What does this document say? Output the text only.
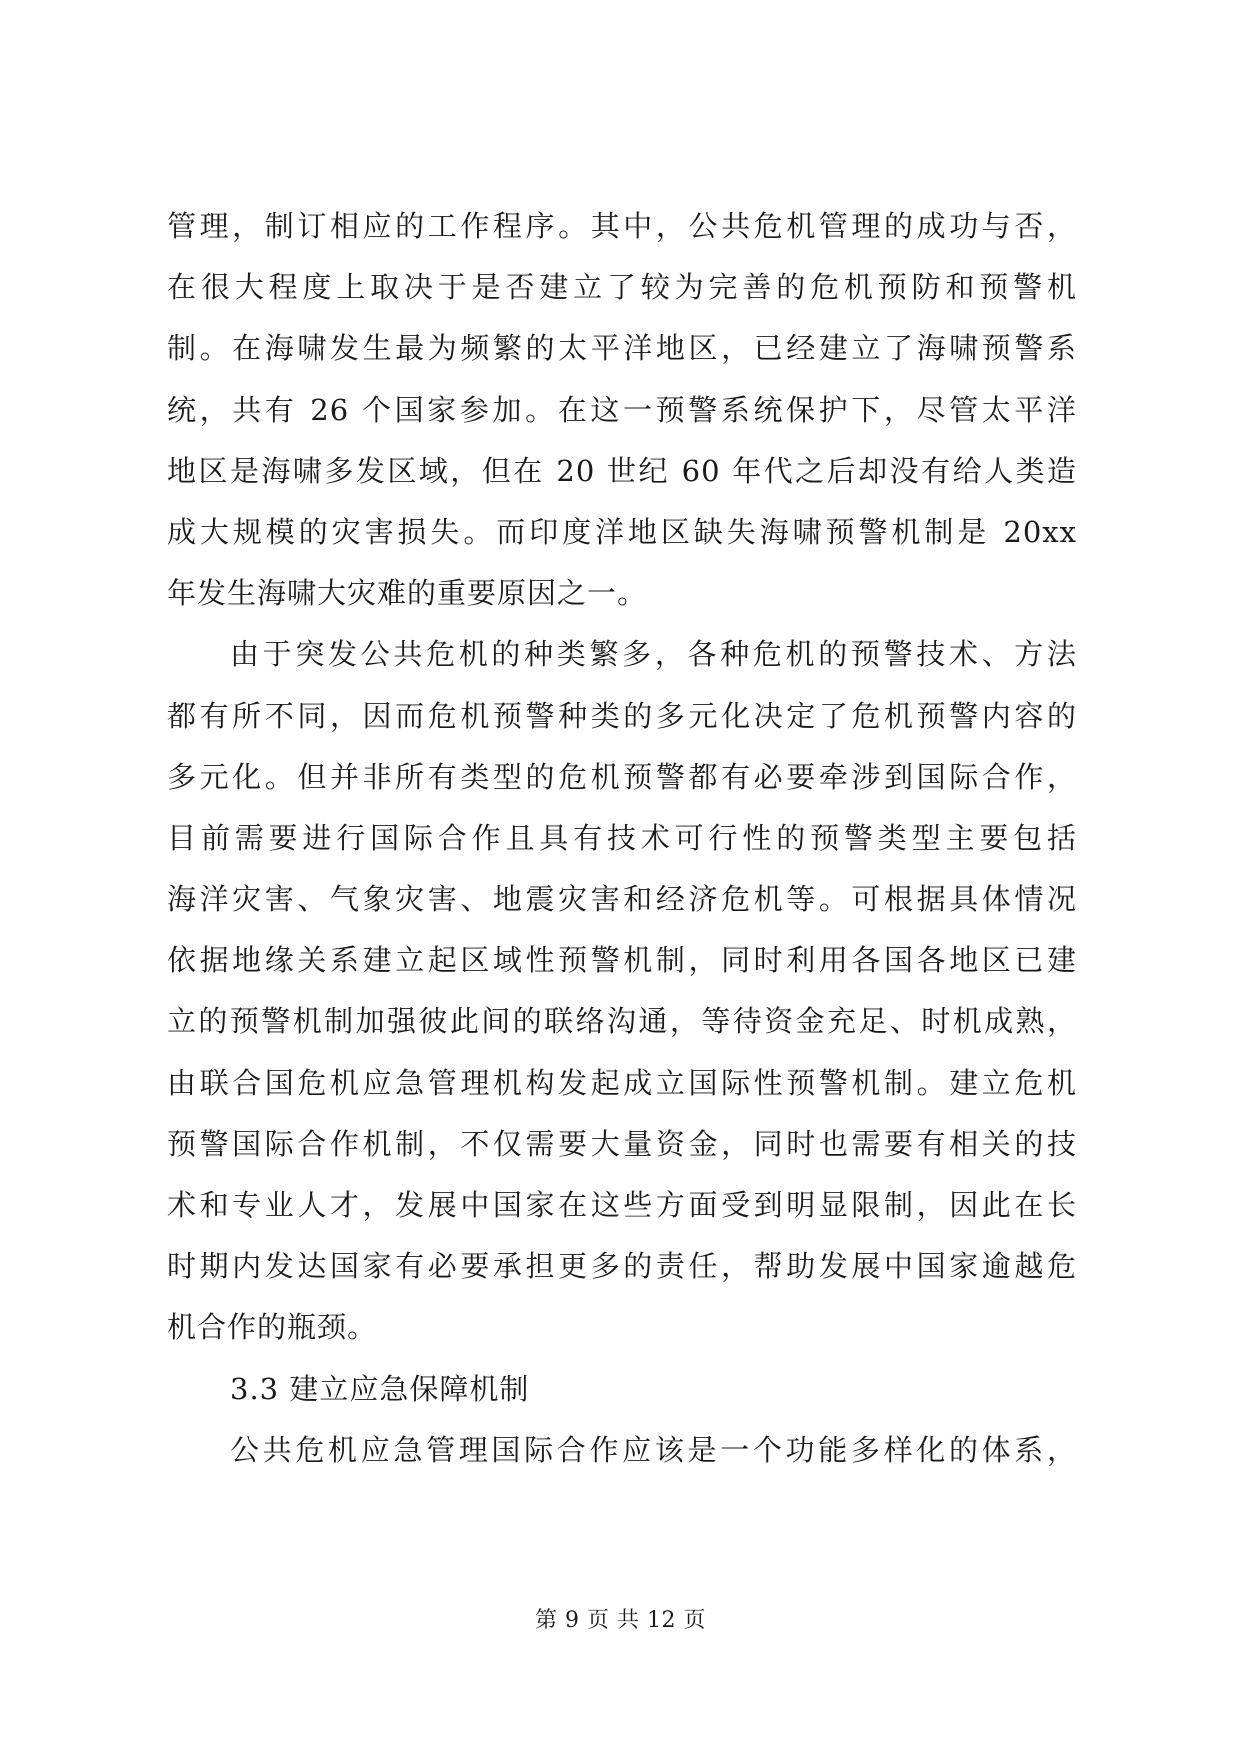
管理，制订相应的工作程序。其中，公共危机管理的成功与否，
在很大程度上取决于是否建立了较为完善的危机预防和预警机
制。在海啸发生最为频繁的太平洋地区，已经建立了海啸预警系
统，共有 26 个国家参加。在这一预警系统保护下，尽管太平洋
地区是海啸多发区域，但在 20 世纪 60 年代之后却没有给人类造
成大规模的灾害损失。而印度洋地区缺失海啸预警机制是 20xx
年发生海啸大灾难的重要原因之一。
由于突发公共危机的种类繁多，各种危机的预警技术、方法
都有所不同，因而危机预警种类的多元化决定了危机预警内容的
多元化。但并非所有类型的危机预警都有必要牵涉到国际合作，
目前需要进行国际合作且具有技术可行性的预警类型主要包括
海洋灾害、气象灾害、地震灾害和经济危机等。可根据具体情况
依据地缘关系建立起区域性预警机制，同时利用各国各地区已建
立的预警机制加强彼此间的联络沟通，等待资金充足、时机成熟，
由联合国危机应急管理机构发起成立国际性预警机制。建立危机
预警国际合作机制，不仅需要大量资金，同时也需要有相关的技
术和专业人才，发展中国家在这些方面受到明显限制，因此在长
时期内发达国家有必要承担更多的责任，帮助发展中国家逾越危
机合作的瓶颈。
3.3 建立应急保障机制
公共危机应急管理国际合作应该是一个功能多样化的体系，
第 9 页 共 12 页
